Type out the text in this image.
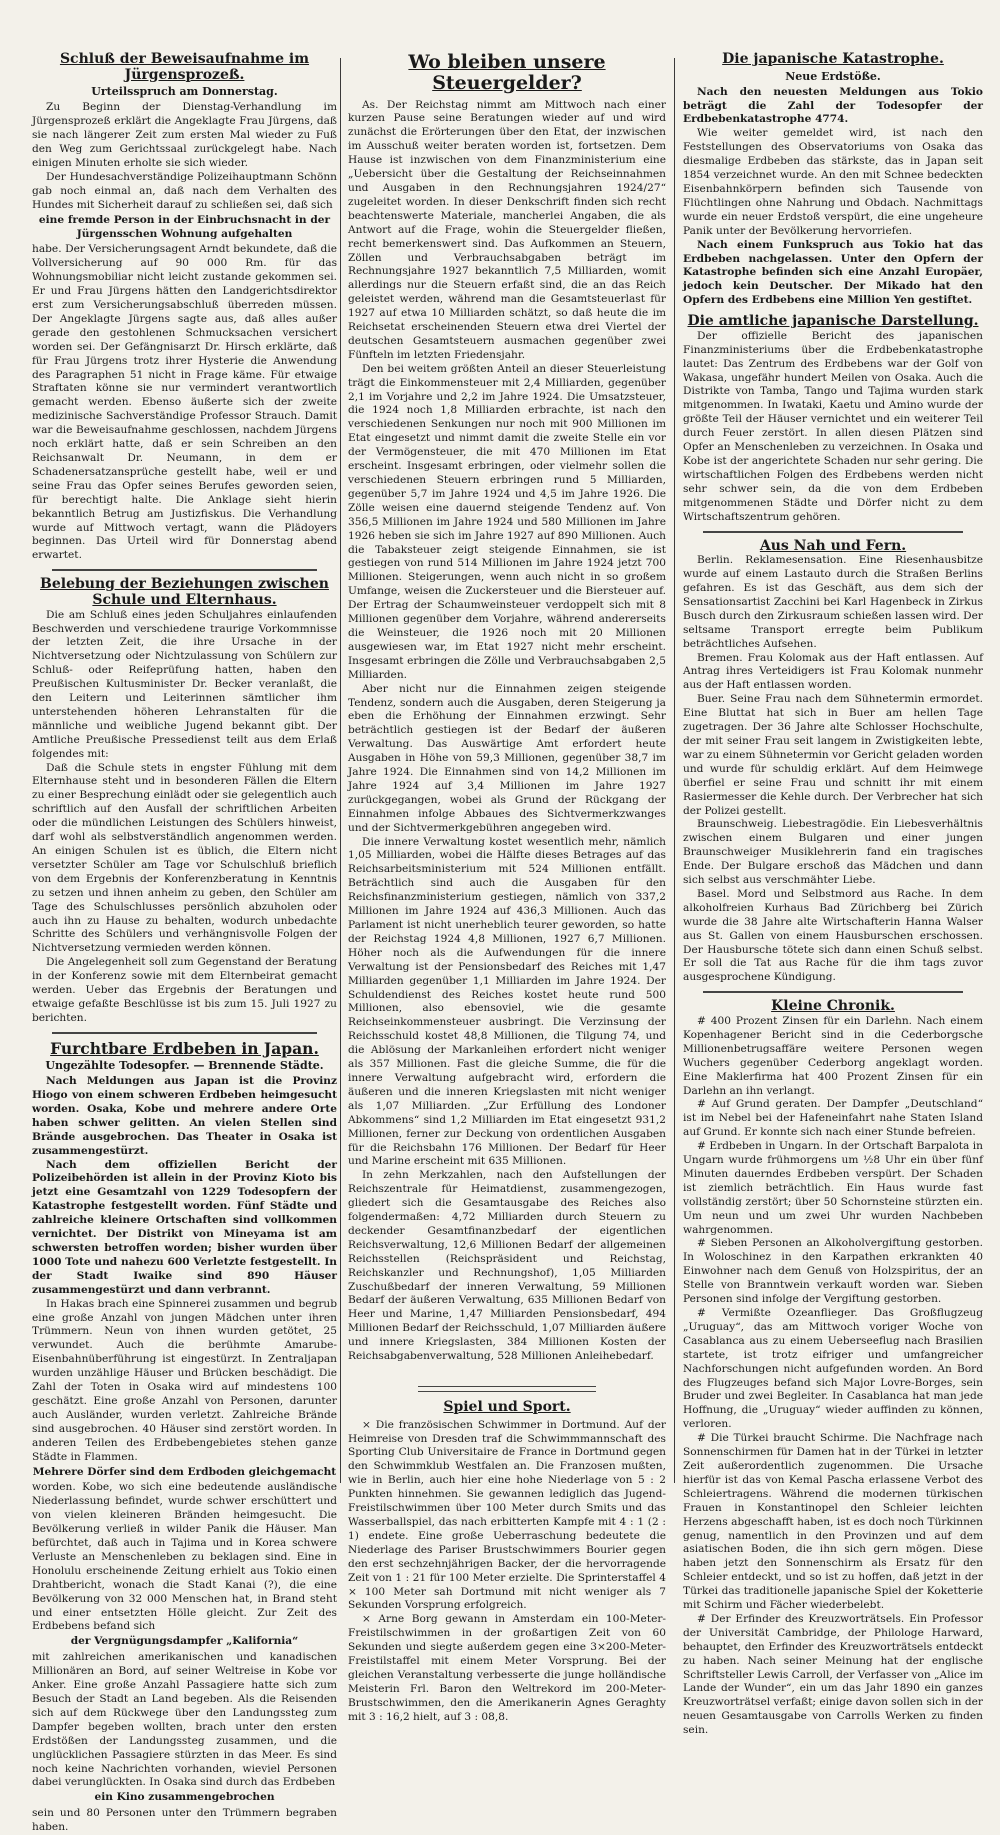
Schluß der Beweisaufnahme im Jürgensprozeß.
Urteilsspruch am Donnerstag.

Zu Beginn der Dienstag-Verhandlung im Jürgensprozeß erklärt die Angeklagte Frau Jürgens, daß sie nach längerer Zeit zum ersten Mal wieder zu Fuß den Weg zum Gerichtssaal zurückgelegt habe. Nach einigen Minuten erholte sie sich wieder.

Der Hundesachverständige Polizeihauptmann Schönn gab noch einmal an, daß nach dem Verhalten des Hundes mit Sicherheit darauf zu schließen sei, daß sich

eine fremde Person in der Einbruchsnacht in der Jürgensschen Wohnung aufgehalten

habe. Der Versicherungsagent Arndt bekundete, daß die Vollversicherung auf 90 000 Rm. für das Wohnungsmobiliar nicht leicht zustande gekommen sei. Er und Frau Jürgens hätten den Landgerichtsdirektor erst zum Versicherungsabschluß überreden müssen. Der Angeklagte Jürgens sagte aus, daß alles außer gerade den gestohlenen Schmucksachen versichert worden sei. Der Gefängnisarzt Dr. Hirsch erklärte, daß für Frau Jürgens trotz ihrer Hysterie die Anwendung des Paragraphen 51 nicht in Frage käme. Für etwaige Straftaten könne sie nur vermindert verantwortlich gemacht werden. Ebenso äußerte sich der zweite medizinische Sachverständige Professor Strauch. Damit war die Beweisaufnahme geschlossen, nachdem Jürgens noch erklärt hatte, daß er sein Schreiben an den Reichsanwalt Dr. Neumann, in dem er Schadenersatzansprüche gestellt habe, weil er und seine Frau das Opfer seines Berufes geworden seien, für berechtigt halte. Die Anklage sieht hierin bekanntlich Betrug am Justizfiskus. Die Verhandlung wurde auf Mittwoch vertagt, wann die Plädoyers beginnen. Das Urteil wird für Donnerstag abend erwartet.

Belebung der Beziehungen zwischen Schule und Elternhaus.

Die am Schluß eines jeden Schuljahres einlaufenden Beschwerden und verschiedene traurige Vorkommnisse der letzten Zeit, die ihre Ursache in der Nichtversetzung oder Nichtzulassung von Schülern zur Schluß- oder Reifeprüfung hatten, haben den Preußischen Kultusminister Dr. Becker veranlaßt, die den Leitern und Leiterinnen sämtlicher ihm unterstehenden höheren Lehranstalten für die männliche und weibliche Jugend bekannt gibt. Der Amtliche Preußische Pressedienst teilt aus dem Erlaß folgendes mit:

Daß die Schule stets in engster Fühlung mit dem Elternhause steht und in besonderen Fällen die Eltern zu einer Besprechung einlädt oder sie gelegentlich auch schriftlich auf den Ausfall der schriftlichen Arbeiten oder die mündlichen Leistungen des Schülers hinweist, darf wohl als selbstverständlich angenommen werden. An einigen Schulen ist es üblich, die Eltern nicht versetzter Schüler am Tage vor Schulschluß brieflich von dem Ergebnis der Konferenzberatung in Kenntnis zu setzen und ihnen anheim zu geben, den Schüler am Tage des Schulschlusses persönlich abzuholen oder auch ihn zu Hause zu behalten, wodurch unbedachte Schritte des Schülers und verhängnisvolle Folgen der Nichtversetzung vermieden werden können.

Die Angelegenheit soll zum Gegenstand der Beratung in der Konferenz sowie mit dem Elternbeirat gemacht werden. Ueber das Ergebnis der Beratungen und etwaige gefaßte Beschlüsse ist bis zum 15. Juli 1927 zu berichten.

Furchtbare Erdbeben in Japan.
Ungezählte Todesopfer. — Brennende Städte.

Nach Meldungen aus Japan ist die Provinz Hiogo von einem schweren Erdbeben heimgesucht worden. Osaka, Kobe und mehrere andere Orte haben schwer gelitten. An vielen Stellen sind Brände ausgebrochen. Das Theater in Osaka ist zusammengestürzt.

Nach dem offiziellen Bericht der Polizeibehörden ist allein in der Provinz Kioto bis jetzt eine Gesamtzahl von 1229 Todesopfern der Katastrophe festgestellt worden. Fünf Städte und zahlreiche kleinere Ortschaften sind vollkommen vernichtet. Der Distrikt von Mineyama ist am schwersten betroffen worden; bisher wurden über 1000 Tote und nahezu 600 Verletzte festgestellt. In der Stadt Iwaike sind 890 Häuser zusammengestürzt und dann verbrannt.

In Hakas brach eine Spinnerei zusammen und begrub eine große Anzahl von jungen Mädchen unter ihren Trümmern. Neun von ihnen wurden getötet, 25 verwundet. Auch die berühmte Amarube-Eisenbahnüberführung ist eingestürzt. In Zentraljapan wurden unzählige Häuser und Brücken beschädigt. Die Zahl der Toten in Osaka wird auf mindestens 100 geschätzt. Eine große Anzahl von Personen, darunter auch Ausländer, wurden verletzt. Zahlreiche Brände sind ausgebrochen. 40 Häuser sind zerstört worden. In anderen Teilen des Erdbebengebietes stehen ganze Städte in Flammen.

Mehrere Dörfer sind dem Erdboden gleichgemacht

worden. Kobe, wo sich eine bedeutende ausländische Niederlassung befindet, wurde schwer erschüttert und von vielen kleineren Bränden heimgesucht. Die Bevölkerung verließ in wilder Panik die Häuser. Man befürchtet, daß auch in Tajima und in Korea schwere Verluste an Menschenleben zu beklagen sind. Eine in Honolulu erscheinende Zeitung erhielt aus Tokio einen Drahtbericht, wonach die Stadt Kanai (?), die eine Bevölkerung von 32 000 Menschen hat, in Brand steht und einer entsetzten Hölle gleicht. Zur Zeit des Erdbebens befand sich

der Vergnügungsdampfer „Kalifornia“

mit zahlreichen amerikanischen und kanadischen Millionären an Bord, auf seiner Weltreise in Kobe vor Anker. Eine große Anzahl Passagiere hatte sich zum Besuch der Stadt an Land begeben. Als die Reisenden sich auf dem Rückwege über den Landungssteg zum Dampfer begeben wollten, brach unter den ersten Erdstößen der Landungssteg zusammen, und die unglücklichen Passagiere stürzten in das Meer. Es sind noch keine Nachrichten vorhanden, wieviel Personen dabei verunglückten. In Osaka sind durch das Erdbeben

ein Kino zusammengebrochen

sein und 80 Personen unter den Trümmern begraben haben.

Wo bleiben unsere Steuergelder?

As. Der Reichstag nimmt am Mittwoch nach einer kurzen Pause seine Beratungen wieder auf und wird zunächst die Erörterungen über den Etat, der inzwischen im Ausschuß weiter beraten worden ist, fortsetzen. Dem Hause ist inzwischen von dem Finanzministerium eine „Uebersicht über die Gestaltung der Reichseinnahmen und Ausgaben in den Rechnungsjahren 1924/27“ zugeleitet worden. In dieser Denkschrift finden sich recht beachtenswerte Materiale, mancherlei Angaben, die als Antwort auf die Frage, wohin die Steuergelder fließen, recht bemerkenswert sind. Das Aufkommen an Steuern, Zöllen und Verbrauchsabgaben beträgt im Rechnungsjahre 1927 bekanntlich 7,5 Milliarden, womit allerdings nur die Steuern erfaßt sind, die an das Reich geleistet werden, während man die Gesamtsteuerlast für 1927 auf etwa 10 Milliarden schätzt, so daß heute die im Reichsetat erscheinenden Steuern etwa drei Viertel der deutschen Gesamtsteuern ausmachen gegenüber zwei Fünfteln im letzten Friedensjahr.

Den bei weitem größten Anteil an dieser Steuerleistung trägt die Einkommensteuer mit 2,4 Milliarden, gegenüber 2,1 im Vorjahre und 2,2 im Jahre 1924. Die Umsatzsteuer, die 1924 noch 1,8 Milliarden erbrachte, ist nach den verschiedenen Senkungen nur noch mit 900 Millionen im Etat eingesetzt und nimmt damit die zweite Stelle ein vor der Vermögensteuer, die mit 470 Millionen im Etat erscheint. Insgesamt erbringen, oder vielmehr sollen die verschiedenen Steuern erbringen rund 5 Milliarden, gegenüber 5,7 im Jahre 1924 und 4,5 im Jahre 1926. Die Zölle weisen eine dauernd steigende Tendenz auf. Von 356,5 Millionen im Jahre 1924 und 580 Millionen im Jahre 1926 heben sie sich im Jahre 1927 auf 890 Millionen. Auch die Tabaksteuer zeigt steigende Einnahmen, sie ist gestiegen von rund 514 Millionen im Jahre 1924 jetzt 700 Millionen. Steigerungen, wenn auch nicht in so großem Umfange, weisen die Zuckersteuer und die Biersteuer auf. Der Ertrag der Schaumweinsteuer verdoppelt sich mit 8 Millionen gegenüber dem Vorjahre, während andererseits die Weinsteuer, die 1926 noch mit 20 Millionen ausgewiesen war, im Etat 1927 nicht mehr erscheint. Insgesamt erbringen die Zölle und Verbrauchsabgaben 2,5 Milliarden.

Aber nicht nur die Einnahmen zeigen steigende Tendenz, sondern auch die Ausgaben, deren Steigerung ja eben die Erhöhung der Einnahmen erzwingt. Sehr beträchtlich gestiegen ist der Bedarf der äußeren Verwaltung. Das Auswärtige Amt erfordert heute Ausgaben in Höhe von 59,3 Millionen, gegenüber 38,7 im Jahre 1924. Die Einnahmen sind von 14,2 Millionen im Jahre 1924 auf 3,4 Millionen im Jahre 1927 zurückgegangen, wobei als Grund der Rückgang der Einnahmen infolge Abbaues des Sichtvermerkzwanges und der Sichtvermerkgebühren angegeben wird.

Die innere Verwaltung kostet wesentlich mehr, nämlich 1,05 Milliarden, wobei die Hälfte dieses Betrages auf das Reichsarbeitsministerium mit 524 Millionen entfällt. Beträchtlich sind auch die Ausgaben für den Reichsfinanzministerium gestiegen, nämlich von 337,2 Millionen im Jahre 1924 auf 436,3 Millionen. Auch das Parlament ist nicht unerheblich teurer geworden, so hatte der Reichstag 1924 4,8 Millionen, 1927 6,7 Millionen. Höher noch als die Aufwendungen für die innere Verwaltung ist der Pensionsbedarf des Reiches mit 1,47 Milliarden gegenüber 1,1 Milliarden im Jahre 1924. Der Schuldendienst des Reiches kostet heute rund 500 Millionen, also ebensoviel, wie die gesamte Reichseinkommensteuer ausbringt. Die Verzinsung der Reichsschuld kostet 48,8 Millionen, die Tilgung 74, und die Ablösung der Markanleihen erfordert nicht weniger als 357 Millionen. Fast die gleiche Summe, die für die innere Verwaltung aufgebracht wird, erfordern die äußeren und die inneren Kriegslasten mit nicht weniger als 1,07 Milliarden. „Zur Erfüllung des Londoner Abkommens“ sind 1,2 Milliarden im Etat eingesetzt 931,2 Millionen, ferner zur Deckung von ordentlichen Ausgaben für die Reichsbahn 176 Millionen. Der Bedarf für Heer und Marine erscheint mit 635 Millionen.

In zehn Merkzahlen, nach den Aufstellungen der Reichszentrale für Heimatdienst, zusammengezogen, gliedert sich die Gesamtausgabe des Reiches also folgendermaßen: 4,72 Milliarden durch Steuern zu deckender Gesamtfinanzbedarf der eigentlichen Reichsverwaltung, 12,6 Millionen Bedarf der allgemeinen Reichsstellen (Reichspräsident und Reichstag, Reichskanzler und Rechnungshof), 1,05 Milliarden Zuschußbedarf der inneren Verwaltung, 59 Millionen Bedarf der äußeren Verwaltung, 635 Millionen Bedarf von Heer und Marine, 1,47 Milliarden Pensionsbedarf, 494 Millionen Bedarf der Reichsschuld, 1,07 Milliarden äußere und innere Kriegslasten, 384 Millionen Kosten der Reichsabgabenverwaltung, 528 Millionen Anleihebedarf.

Spiel und Sport.

× Die französischen Schwimmer in Dortmund. Auf der Heimreise von Dresden traf die Schwimmmannschaft des Sporting Club Universitaire de France in Dortmund gegen den Schwimmklub Westfalen an. Die Franzosen mußten, wie in Berlin, auch hier eine hohe Niederlage von 5 : 2 Punkten hinnehmen. Sie gewannen lediglich das Jugend-Freistilschwimmen über 100 Meter durch Smits und das Wasserballspiel, das nach erbitterten Kampfe mit 4 : 1 (2 : 1) endete. Eine große Ueberraschung bedeutete die Niederlage des Pariser Brustschwimmers Bourier gegen den erst sechzehnjährigen Backer, der die hervorragende Zeit von 1 : 21 für 100 Meter erzielte. Die Sprinterstaffel 4 × 100 Meter sah Dortmund mit nicht weniger als 7 Sekunden Vorsprung erfolgreich.

× Arne Borg gewann in Amsterdam ein 100-Meter-Freistilschwimmen in der großartigen Zeit von 60 Sekunden und siegte außerdem gegen eine 3×200-Meter-Freistilstaffel mit einem Meter Vorsprung. Bei der gleichen Veranstaltung verbesserte die junge holländische Meisterin Frl. Baron den Weltrekord im 200-Meter-Brustschwimmen, den die Amerikanerin Agnes Geraghty mit 3 : 16,2 hielt, auf 3 : 08,8.

Die japanische Katastrophe.
Neue Erdstöße.

Nach den neuesten Meldungen aus Tokio beträgt die Zahl der Todesopfer der Erdbebenkatastrophe 4774.

Wie weiter gemeldet wird, ist nach den Feststellungen des Observatoriums von Osaka das diesmalige Erdbeben das stärkste, das in Japan seit 1854 verzeichnet wurde. An den mit Schnee bedeckten Eisenbahnkörpern befinden sich Tausende von Flüchtlingen ohne Nahrung und Obdach. Nachmittags wurde ein neuer Erdstoß verspürt, die eine ungeheure Panik unter der Bevölkerung hervorriefen.

Nach einem Funkspruch aus Tokio hat das Erdbeben nachgelassen. Unter den Opfern der Katastrophe befinden sich eine Anzahl Europäer, jedoch kein Deutscher. Der Mikado hat den Opfern des Erdbebens eine Million Yen gestiftet.

Die amtliche japanische Darstellung.

Der offizielle Bericht des japanischen Finanzministeriums über die Erdbebenkatastrophe lautet: Das Zentrum des Erdbebens war der Golf von Wakasa, ungefähr hundert Meilen von Osaka. Auch die Distrikte von Tamba, Tango und Tajima wurden stark mitgenommen. In Iwataki, Kaetu und Amino wurde der größte Teil der Häuser vernichtet und ein weiterer Teil durch Feuer zerstört. In allen diesen Plätzen sind Opfer an Menschenleben zu verzeichnen. In Osaka und Kobe ist der angerichtete Schaden nur sehr gering. Die wirtschaftlichen Folgen des Erdbebens werden nicht sehr schwer sein, da die von dem Erdbeben mitgenommenen Städte und Dörfer nicht zu dem Wirtschaftszentrum gehören.

Aus Nah und Fern.

Berlin. Reklamesensation. Eine Riesenhausbitze wurde auf einem Lastauto durch die Straßen Berlins gefahren. Es ist das Geschäft, aus dem sich der Sensationsartist Zacchini bei Karl Hagenbeck in Zirkus Busch durch den Zirkusraum schießen lassen wird. Der seltsame Transport erregte beim Publikum beträchtliches Aufsehen.

Bremen. Frau Kolomak aus der Haft entlassen. Auf Antrag ihres Verteidigers ist Frau Kolomak nunmehr aus der Haft entlassen worden.

Buer. Seine Frau nach dem Sühnetermin ermordet. Eine Bluttat hat sich in Buer am hellen Tage zugetragen. Der 36 Jahre alte Schlosser Hochschulte, der mit seiner Frau seit langem in Zwistigkeiten lebte, war zu einem Sühnetermin vor Gericht geladen worden und wurde für schuldig erklärt. Auf dem Heimwege überfiel er seine Frau und schnitt ihr mit einem Rasiermesser die Kehle durch. Der Verbrecher hat sich der Polizei gestellt.

Braunschweig. Liebestragödie. Ein Liebesverhältnis zwischen einem Bulgaren und einer jungen Braunschweiger Musiklehrerin fand ein tragisches Ende. Der Bulgare erschoß das Mädchen und dann sich selbst aus verschmähter Liebe.

Basel. Mord und Selbstmord aus Rache. In dem alkoholfreien Kurhaus Bad Zürichberg bei Zürich wurde die 38 Jahre alte Wirtschafterin Hanna Walser aus St. Gallen von einem Hausburschen erschossen. Der Hausbursche tötete sich dann einen Schuß selbst. Er soll die Tat aus Rache für die ihm tags zuvor ausgesprochene Kündigung.

Kleine Chronik.

# 400 Prozent Zinsen für ein Darlehn. Nach einem Kopenhagener Bericht sind in die Cederborgsche Millionenbetrugsaffäre weitere Personen wegen Wuchers gegenüber Cederborg angeklagt worden. Eine Maklerfirma hat 400 Prozent Zinsen für ein Darlehn an ihn verlangt.

# Auf Grund geraten. Der Dampfer „Deutschland“ ist im Nebel bei der Hafeneinfahrt nahe Staten Island auf Grund. Er konnte sich nach einer Stunde befreien.

# Erdbeben in Ungarn. In der Ortschaft Barpalota in Ungarn wurde frühmorgens um ½8 Uhr ein über fünf Minuten dauerndes Erdbeben verspürt. Der Schaden ist ziemlich beträchtlich. Ein Haus wurde fast vollständig zerstört; über 50 Schornsteine stürzten ein. Um neun und um zwei Uhr wurden Nachbeben wahrgenommen.

# Sieben Personen an Alkoholvergiftung gestorben. In Woloschinez in den Karpathen erkrankten 40 Einwohner nach dem Genuß von Holzspiritus, der an Stelle von Branntwein verkauft worden war. Sieben Personen sind infolge der Vergiftung gestorben.

# Vermißte Ozeanflieger. Das Großflugzeug „Uruguay“, das am Mittwoch voriger Woche von Casablanca aus zu einem Ueberseeflug nach Brasilien startete, ist trotz eifriger und umfangreicher Nachforschungen nicht aufgefunden worden. An Bord des Flugzeuges befand sich Major Lovre-Borges, sein Bruder und zwei Begleiter. In Casablanca hat man jede Hoffnung, die „Uruguay“ wieder auffinden zu können, verloren.

# Die Türkei braucht Schirme. Die Nachfrage nach Sonnenschirmen für Damen hat in der Türkei in letzter Zeit außerordentlich zugenommen. Die Ursache hierfür ist das von Kemal Pascha erlassene Verbot des Schleiertragens. Während die modernen türkischen Frauen in Konstantinopel den Schleier leichten Herzens abgeschafft haben, ist es doch noch Türkinnen genug, namentlich in den Provinzen und auf dem asiatischen Boden, die ihn sich gern mögen. Diese haben jetzt den Sonnenschirm als Ersatz für den Schleier entdeckt, und so ist zu hoffen, daß jetzt in der Türkei das traditionelle japanische Spiel der Koketterie mit Schirm und Fächer wiederbelebt.

# Der Erfinder des Kreuzworträtsels. Ein Professor der Universität Cambridge, der Philologe Harward, behauptet, den Erfinder des Kreuzworträtsels entdeckt zu haben. Nach seiner Meinung hat der englische Schriftsteller Lewis Carroll, der Verfasser von „Alice im Lande der Wunder“, ein um das Jahr 1890 ein ganzes Kreuzworträtsel verfaßt; einige davon sollen sich in der neuen Gesamtausgabe von Carrolls Werken zu finden sein.
